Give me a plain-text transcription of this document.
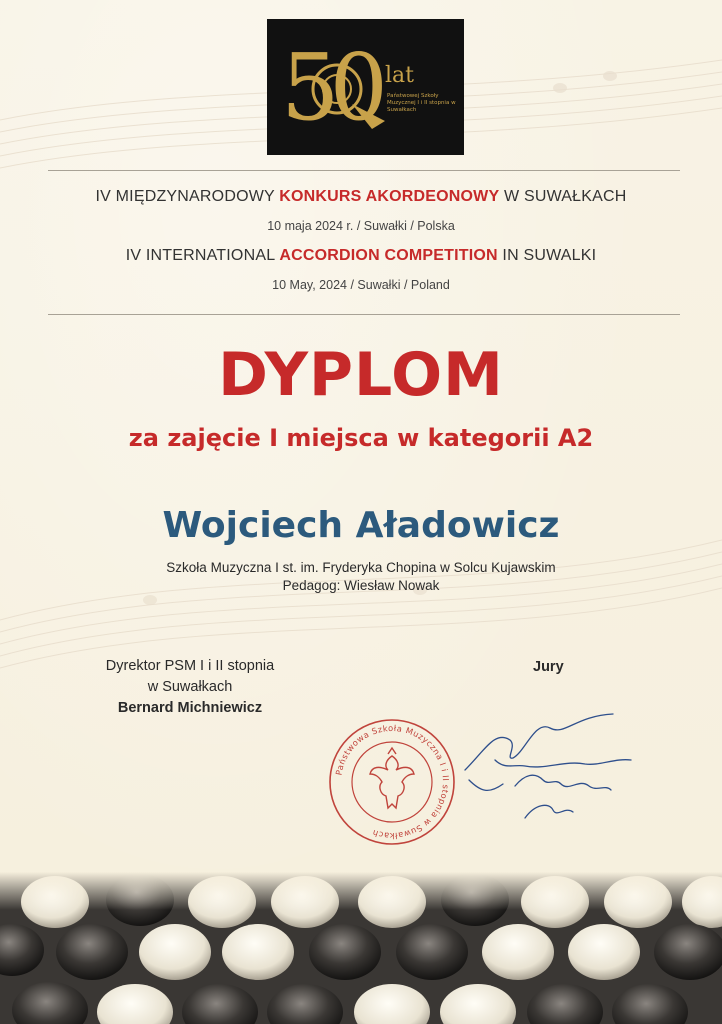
50 lat
Państwowej Szkoły Muzycznej I i II stopnia w Suwałkach
IV MIĘDZYNARODOWY KONKURS AKORDEONOWY W SUWAŁKACH
10 maja 2024 r. / Suwałki / Polska
IV INTERNATIONAL ACCORDION COMPETITION IN SUWALKI
10 May, 2024 / Suwałki / Poland
DYPLOM
za zajęcie I miejsca w kategorii A2
Wojciech Aładowicz
Szkoła Muzyczna I st. im. Fryderyka Chopina w Solcu Kujawskim
Pedagog: Wiesław Nowak
Dyrektor PSM I i II stopnia
w Suwałkach
Bernard Michniewicz
Jury
Państwowa Szkoła Muzyczna I i II stopnia w Suwałkach
